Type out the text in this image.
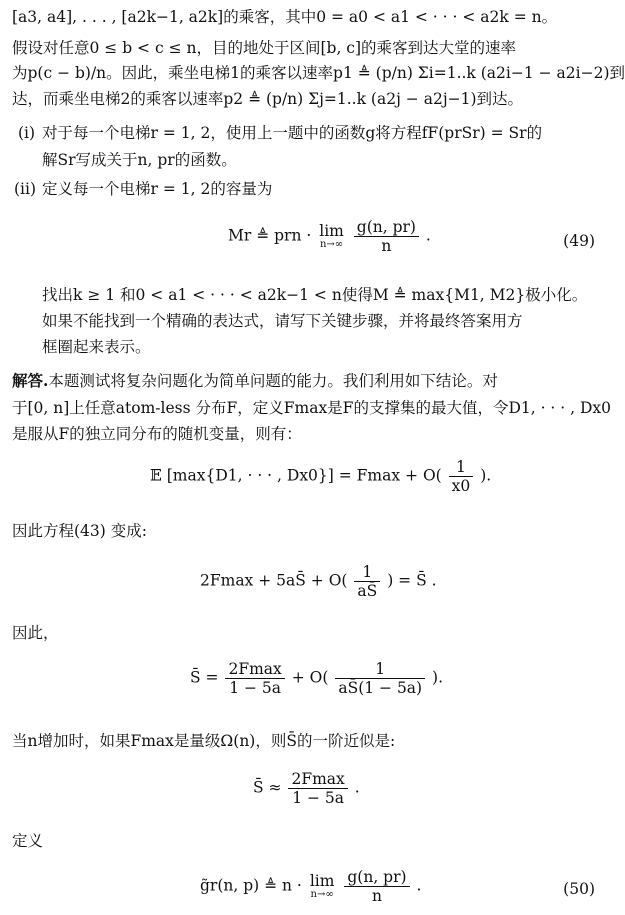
[a3, a4], . . . , [a2k−1, a2k]的乘客，其中0 = a0 < a1 < · · · < a2k = n。
假设对任意0 ≤ b < c ≤ n，目的地处于区间[b, c]的乘客到达大堂的速率
为p(c − b)/n。因此，乘坐电梯1的乘客以速率p1 ≜ (p/n) Σi=1..k (a2i−1 − a2i−2)到
达，而乘坐电梯2的乘客以速率p2 ≜ (p/n) Σj=1..k (a2j − a2j−1)到达。
(i) 对于每一个电梯r = 1, 2，使用上一题中的函数g将方程fF(prSr) = Sr的
解Sr写成关于n, pr的函数。
(ii) 定义每一个电梯r = 1, 2的容量为
Mr ≜ prn · lim
n→∞
$\frac{g(n, pr)}{n}$ .	(49)
找出k ≥ 1 和0 < a1 < · · · < a2k−1 < n使得M ≜ max{M1, M2}极小化。
如果不能找到一个精确的表达式，请写下关键步骤，并将最终答案用方
框圈起来表示。
解答.本题测试将复杂问题化为简单问题的能力。我们利用如下结论。对
于[0, n]上任意atom-less 分布F，定义Fmax是F的支撑集的最大值，令D1, · · · , Dx0
是服从F的独立同分布的随机变量，则有：
𝔼 [max{D1, · · · , $Dx0\}] = Fmax + O( \frac{1}{x0}$ ).
因此方程(43) 变成:
2Fmax + 5aS̄ + $O( \frac{1}{aS̄}$ ) = S̄ .
因此，
S̄ = $\frac{2Fmax}{1 - 5a} + O( \frac{1}{aS̄(1 - 5a)}$ ).
当n增加时，如果Fmax是量级Ω(n)，则S̄的一阶近似是:
S̄ ≈ $\frac{2Fmax}{1 - 5a}$ .
定义
g̃r(n, p) ≜ n · lim
n→∞
$\frac{g(n, pr)}{n}$ .	(50)
